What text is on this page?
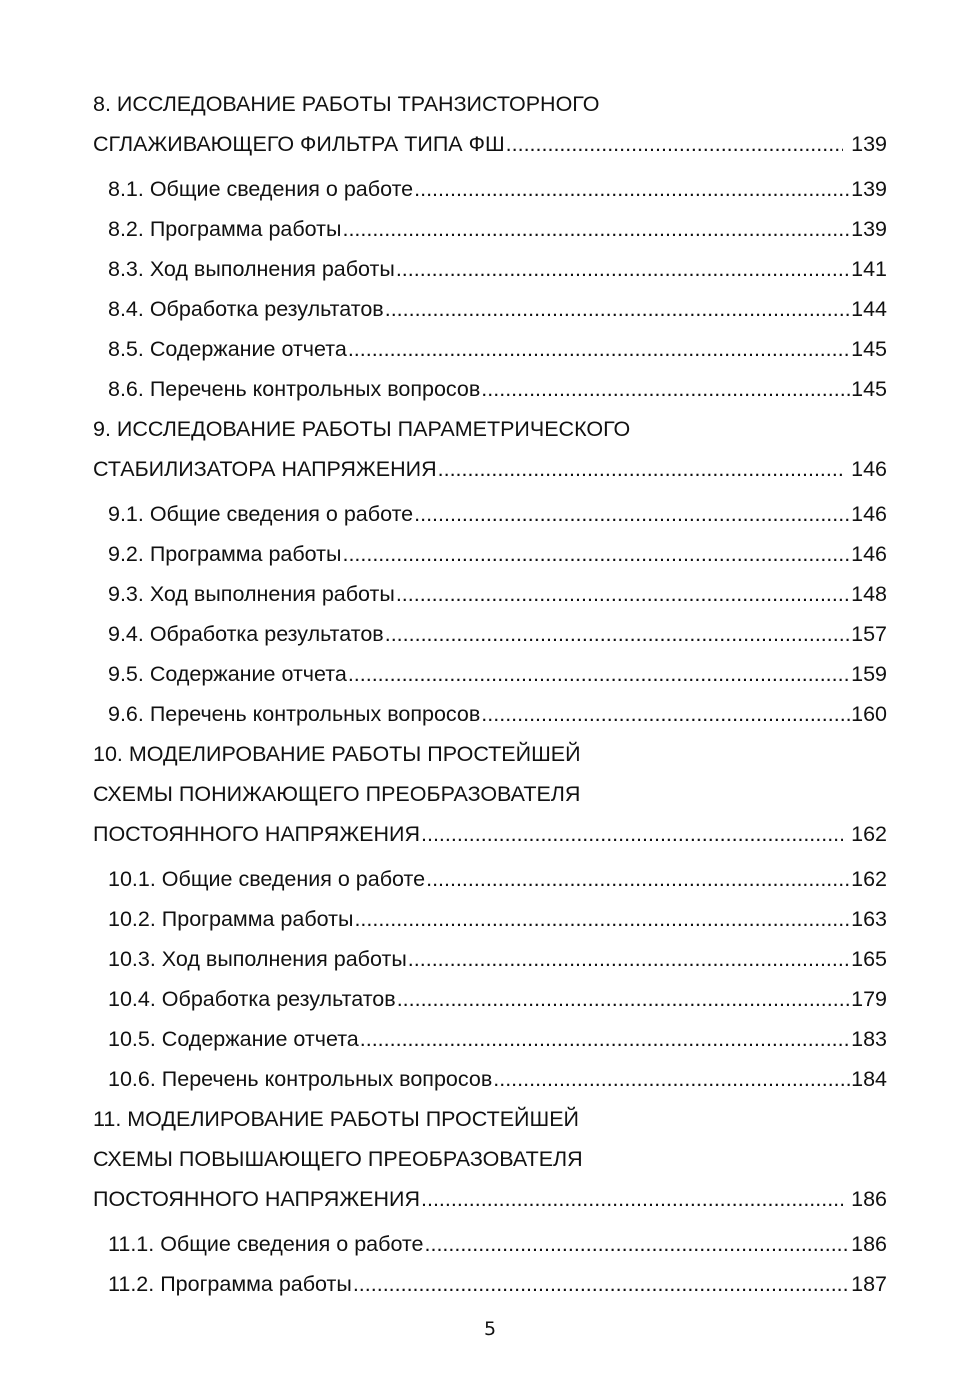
8. ИССЛЕДОВАНИЕ РАБОТЫ ТРАНЗИСТОРНОГО
СГЛАЖИВАЮЩЕГО ФИЛЬТРА ТИПА ФШ .....	139
8.1. Общие сведения о работе .....	139
8.2. Программа работы .....	139
8.3. Ход выполнения работы .....	141
8.4. Обработка результатов .....	144
8.5. Содержание отчета .....	145
8.6. Перечень контрольных вопросов .....	145
9. ИССЛЕДОВАНИЕ РАБОТЫ ПАРАМЕТРИЧЕСКОГО
СТАБИЛИЗАТОРА НАПРЯЖЕНИЯ .....	146
9.1. Общие сведения о работе .....	146
9.2. Программа работы .....	146
9.3. Ход выполнения работы .....	148
9.4. Обработка результатов .....	157
9.5. Содержание отчета .....	159
9.6. Перечень контрольных вопросов .....	160
10. МОДЕЛИРОВАНИЕ РАБОТЫ ПРОСТЕЙШЕЙ
СХЕМЫ ПОНИЖАЮЩЕГО ПРЕОБРАЗОВАТЕЛЯ
ПОСТОЯННОГО НАПРЯЖЕНИЯ .....	162
10.1. Общие сведения о работе .....	162
10.2. Программа работы .....	163
10.3. Ход выполнения работы .....	165
10.4. Обработка результатов .....	179
10.5. Содержание отчета .....	183
10.6. Перечень контрольных вопросов .....	184
11. МОДЕЛИРОВАНИЕ РАБОТЫ ПРОСТЕЙШЕЙ
СХЕМЫ ПОВЫШАЮЩЕГО ПРЕОБРАЗОВАТЕЛЯ
ПОСТОЯННОГО НАПРЯЖЕНИЯ .....	186
11.1. Общие сведения о работе .....	186
11.2. Программа работы .....	187
5
